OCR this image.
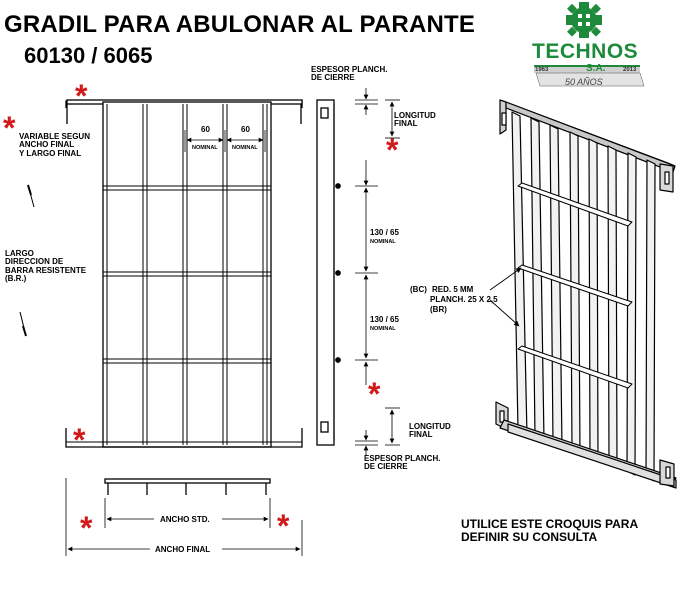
GRADIL PARA ABULONAR AL PARANTE
60130 / 6065	TECHNOS
S.A.
1963	2013
50 AÑOS
*
*
*
*
*
*	*
VARIABLE SEGUN
ANCHO FINAL
Y LARGO FINAL
LARGO
DIRECCION DE
BARRA RESISTENTE
(B.R.)
60	60
NOMINAL	NOMINAL
ESPESOR PLANCH.
DE CIERRE
LONGITUD
FINAL
130 / 65
NOMINAL
130 / 65
NOMINAL
LONGITUD
FINAL
ESPESOR PLANCH.
DE CIERRE
ANCHO STD.
ANCHO FINAL
(BC) RED. 5 MM
PLANCH. 25 X 2,5
(BR)
UTILICE ESTE CROQUIS PARA
DEFINIR SU CONSULTA
